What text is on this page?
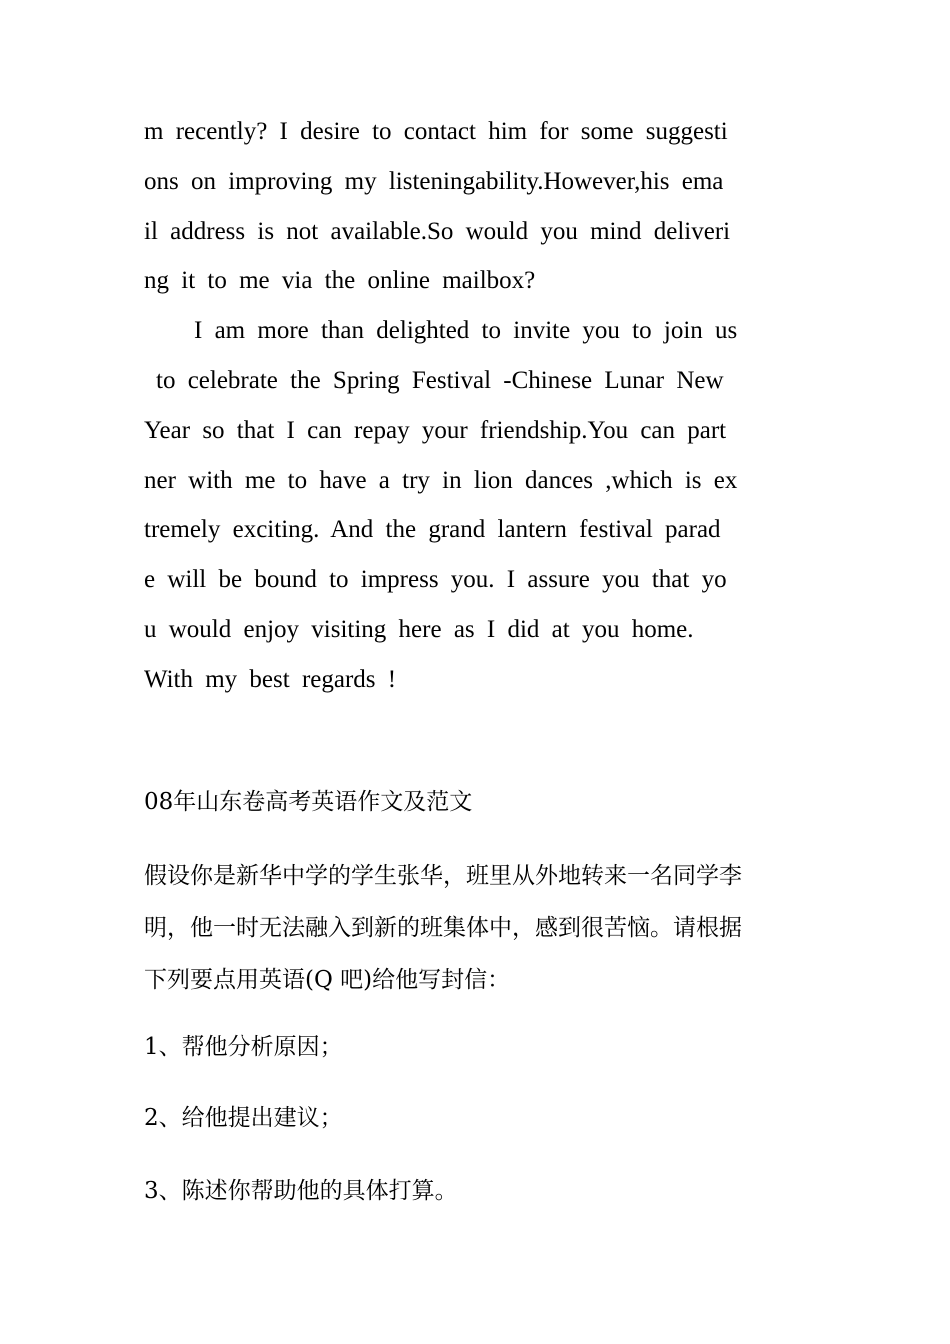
m recently? I desire to contact him for some suggesti
ons on improving my listeningability.However,his ema
il address is not available.So would you mind deliveri
ng it to me via the online mailbox?
I am more than delighted to invite you to join us
to celebrate the Spring Festival -Chinese Lunar New
Year so that I can repay your friendship.You can part
ner with me to have a try in lion dances ,which is ex
tremely exciting. And the grand lantern festival parad
e will be bound to impress you. I assure you that yo
u would enjoy visiting here as I did at you home.
With my best regards !
08年山东卷高考英语作文及范文
假设你是新华中学的学生张华，班里从外地转来一名同学李
明，他一时无法融入到新的班集体中，感到很苦恼。请根据
下列要点用英语(Q 吧)给他写封信：
1、帮他分析原因；
2、给他提出建议；
3、陈述你帮助他的具体打算。
